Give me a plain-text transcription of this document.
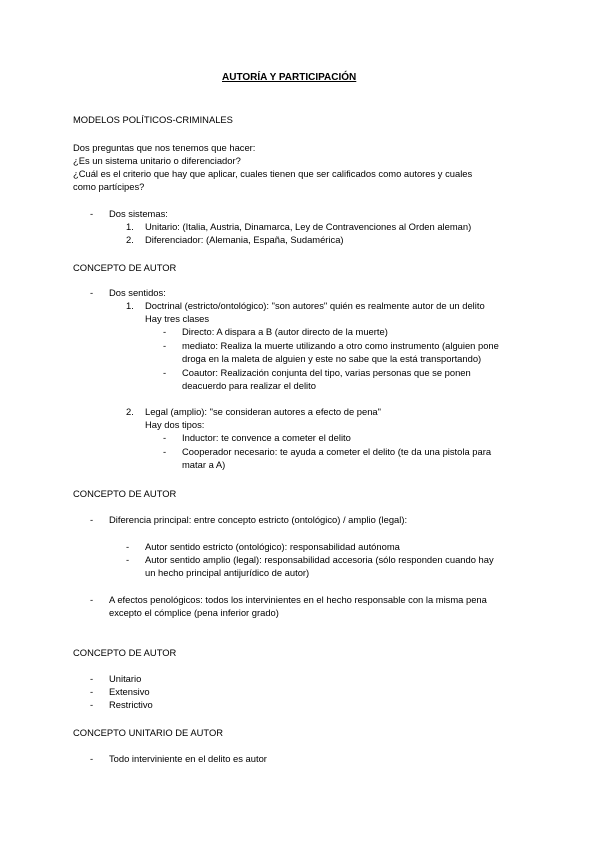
AUTORÍA Y PARTICIPACIÓN
MODELOS POLÍTICOS-CRIMINALES
Dos preguntas que nos tenemos que hacer:
¿Es un sistema unitario o diferenciador?
¿Cuál es el criterio que hay que aplicar, cuales tienen que ser calificados como autores y cuales
como partícipes?
- Dos sistemas:
1. Unitario: (Italia, Austria, Dinamarca, Ley de Contravenciones al Orden aleman)
2. Diferenciador: (Alemania, España, Sudamérica)
CONCEPTO DE AUTOR
- Dos sentidos:
1. Doctrinal (estricto/ontológico): "son autores" quién es realmente autor de un delito
Hay tres clases
- Directo: A dispara a B (autor directo de la muerte)
- mediato: Realiza la muerte utilizando a otro como instrumento (alguien pone
droga en la maleta de alguien y este no sabe que la está transportando)
- Coautor: Realización conjunta del tipo, varias personas que se ponen
deacuerdo para realizar el delito
2. Legal (amplio): "se consideran autores a efecto de pena"
Hay dos tipos:
- Inductor: te convence a cometer el delito
- Cooperador necesario: te ayuda a cometer el delito (te da una pistola para
matar a A)
CONCEPTO DE AUTOR
- Diferencia principal: entre concepto estricto (ontológico) / amplio (legal):
- Autor sentido estricto (ontológico): responsabilidad autónoma
- Autor sentido amplio (legal): responsabilidad accesoria (sólo responden cuando hay
un hecho principal antijurídico de autor)
- A efectos penológicos: todos los intervinientes en el hecho responsable con la misma pena
excepto el cómplice (pena inferior grado)
CONCEPTO DE AUTOR
- Unitario
- Extensivo
- Restrictivo
CONCEPTO UNITARIO DE AUTOR
- Todo interviniente en el delito es autor
